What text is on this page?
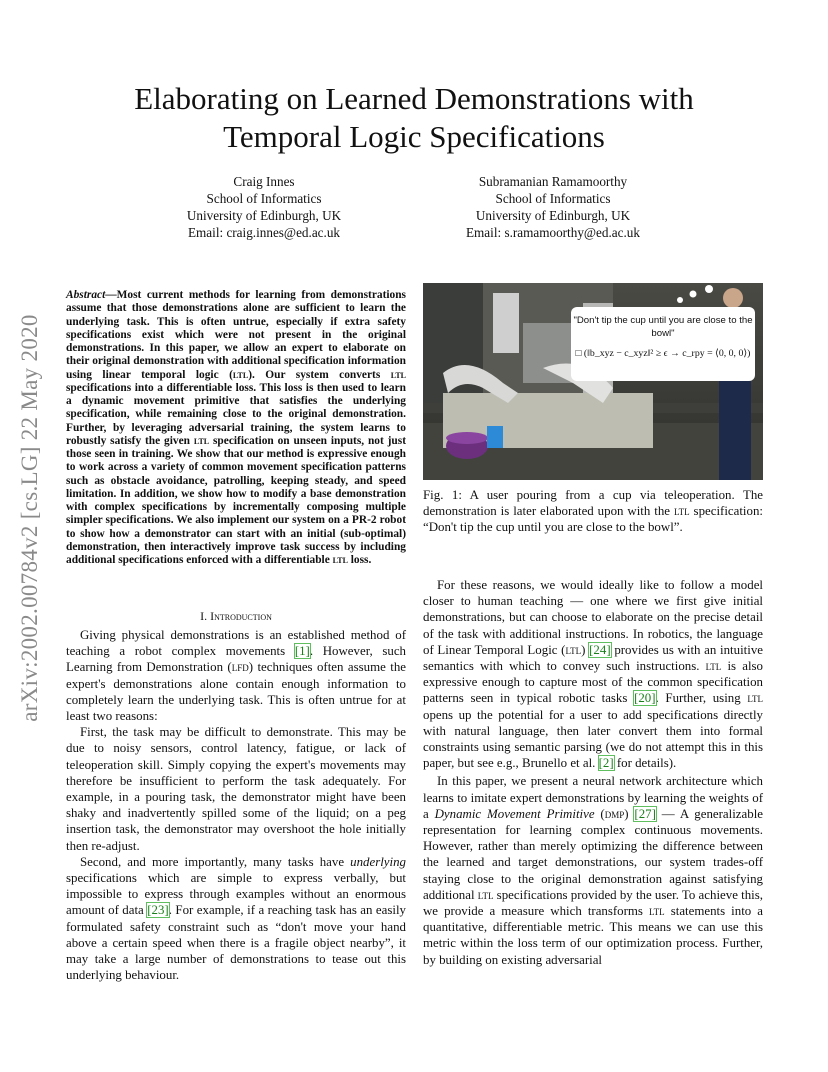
Elaborating on Learned Demonstrations with
Temporal Logic Specifications
Craig Innes
School of Informatics
University of Edinburgh, UK
Email: craig.innes@ed.ac.uk
Subramanian Ramamoorthy
School of Informatics
University of Edinburgh, UK
Email: s.ramamoorthy@ed.ac.uk
arXiv:2002.00784v2 [cs.LG] 22 May 2020
Abstract—Most current methods for learning from demonstrations assume that those demonstrations alone are sufficient to learn the underlying task. This is often untrue, especially if extra safety specifications exist which were not present in the original demonstrations. In this paper, we allow an expert to elaborate on their original demonstration with additional specification information using linear temporal logic (ltl). Our system converts ltl specifications into a differentiable loss. This loss is then used to learn a dynamic movement primitive that satisfies the underlying specification, while remaining close to the original demonstration. Further, by leveraging adversarial training, the system learns to robustly satisfy the given ltl specification on unseen inputs, not just those seen in training. We show that our method is expressive enough to work across a variety of common movement specification patterns such as obstacle avoidance, patrolling, keeping steady, and speed limitation. In addition, we show how to modify a base demonstration with complex specifications by incrementally composing multiple simpler specifications. We also implement our system on a PR-2 robot to show how a demonstrator can start with an initial (sub-optimal) demonstration, then interactively improve task success by including additional specifications enforced with a differentiable ltl loss.
I. Introduction

Giving physical demonstrations is an established method of teaching a robot complex movements [1]. However, such Learning from Demonstration (lfd) techniques often assume the expert's demonstrations alone contain enough information to completely learn the underlying task. This is often untrue for at least two reasons:

First, the task may be difficult to demonstrate. This may be due to noisy sensors, control latency, fatigue, or lack of teleoperation skill. Simply copying the expert's movements may therefore be insufficient to perform the task adequately. For example, in a pouring task, the demonstrator might have been shaky and inadvertently spilled some of the liquid; on a peg insertion task, the demonstrator may overshoot the hole initially then re-adjust.

Second, and more importantly, many tasks have underlying specifications which are simple to express verbally, but impossible to express through examples without an enormous amount of data [23]. For example, if a reaching task has an easily formulated safety constraint such as “don't move your hand above a certain speed when there is a fragile object nearby”, it may take a large number of demonstrations to tease out this underlying behaviour.

"Don't tip the cup until you are close to the bowl"
□ (‖b_xyz − c_xyz‖² ≥ ϵ → c_rpy = ⟨0, 0, 0⟩)
Fig. 1: A user pouring from a cup via teleoperation. The demonstration is later elaborated upon with the ltl specification: “Don't tip the cup until you are close to the bowl”.

For these reasons, we would ideally like to follow a model closer to human teaching — one where we first give initial demonstrations, but can choose to elaborate on the precise detail of the task with additional instructions. In robotics, the language of Linear Temporal Logic (ltl) [24] provides us with an intuitive semantics with which to convey such instructions. ltl is also expressive enough to capture most of the common specification patterns seen in typical robotic tasks [20]. Further, using ltl opens up the potential for a user to add specifications directly with natural language, then later convert them into formal constraints using semantic parsing (we do not attempt this in this paper, but see e.g., Brunello et al. [2] for details).

In this paper, we present a neural network architecture which learns to imitate expert demonstrations by learning the weights of a Dynamic Movement Primitive (dmp) [27] — A generalizable representation for learning complex continuous movements. However, rather than merely optimizing the difference between the learned and target demonstrations, our system trades-off staying close to the original demonstration against satisfying additional ltl specifications provided by the user. To achieve this, we provide a measure which transforms ltl statements into a quantitative, differentiable metric. This means we can use this metric within the loss term of our optimization process. Further, by building on existing adversarial
